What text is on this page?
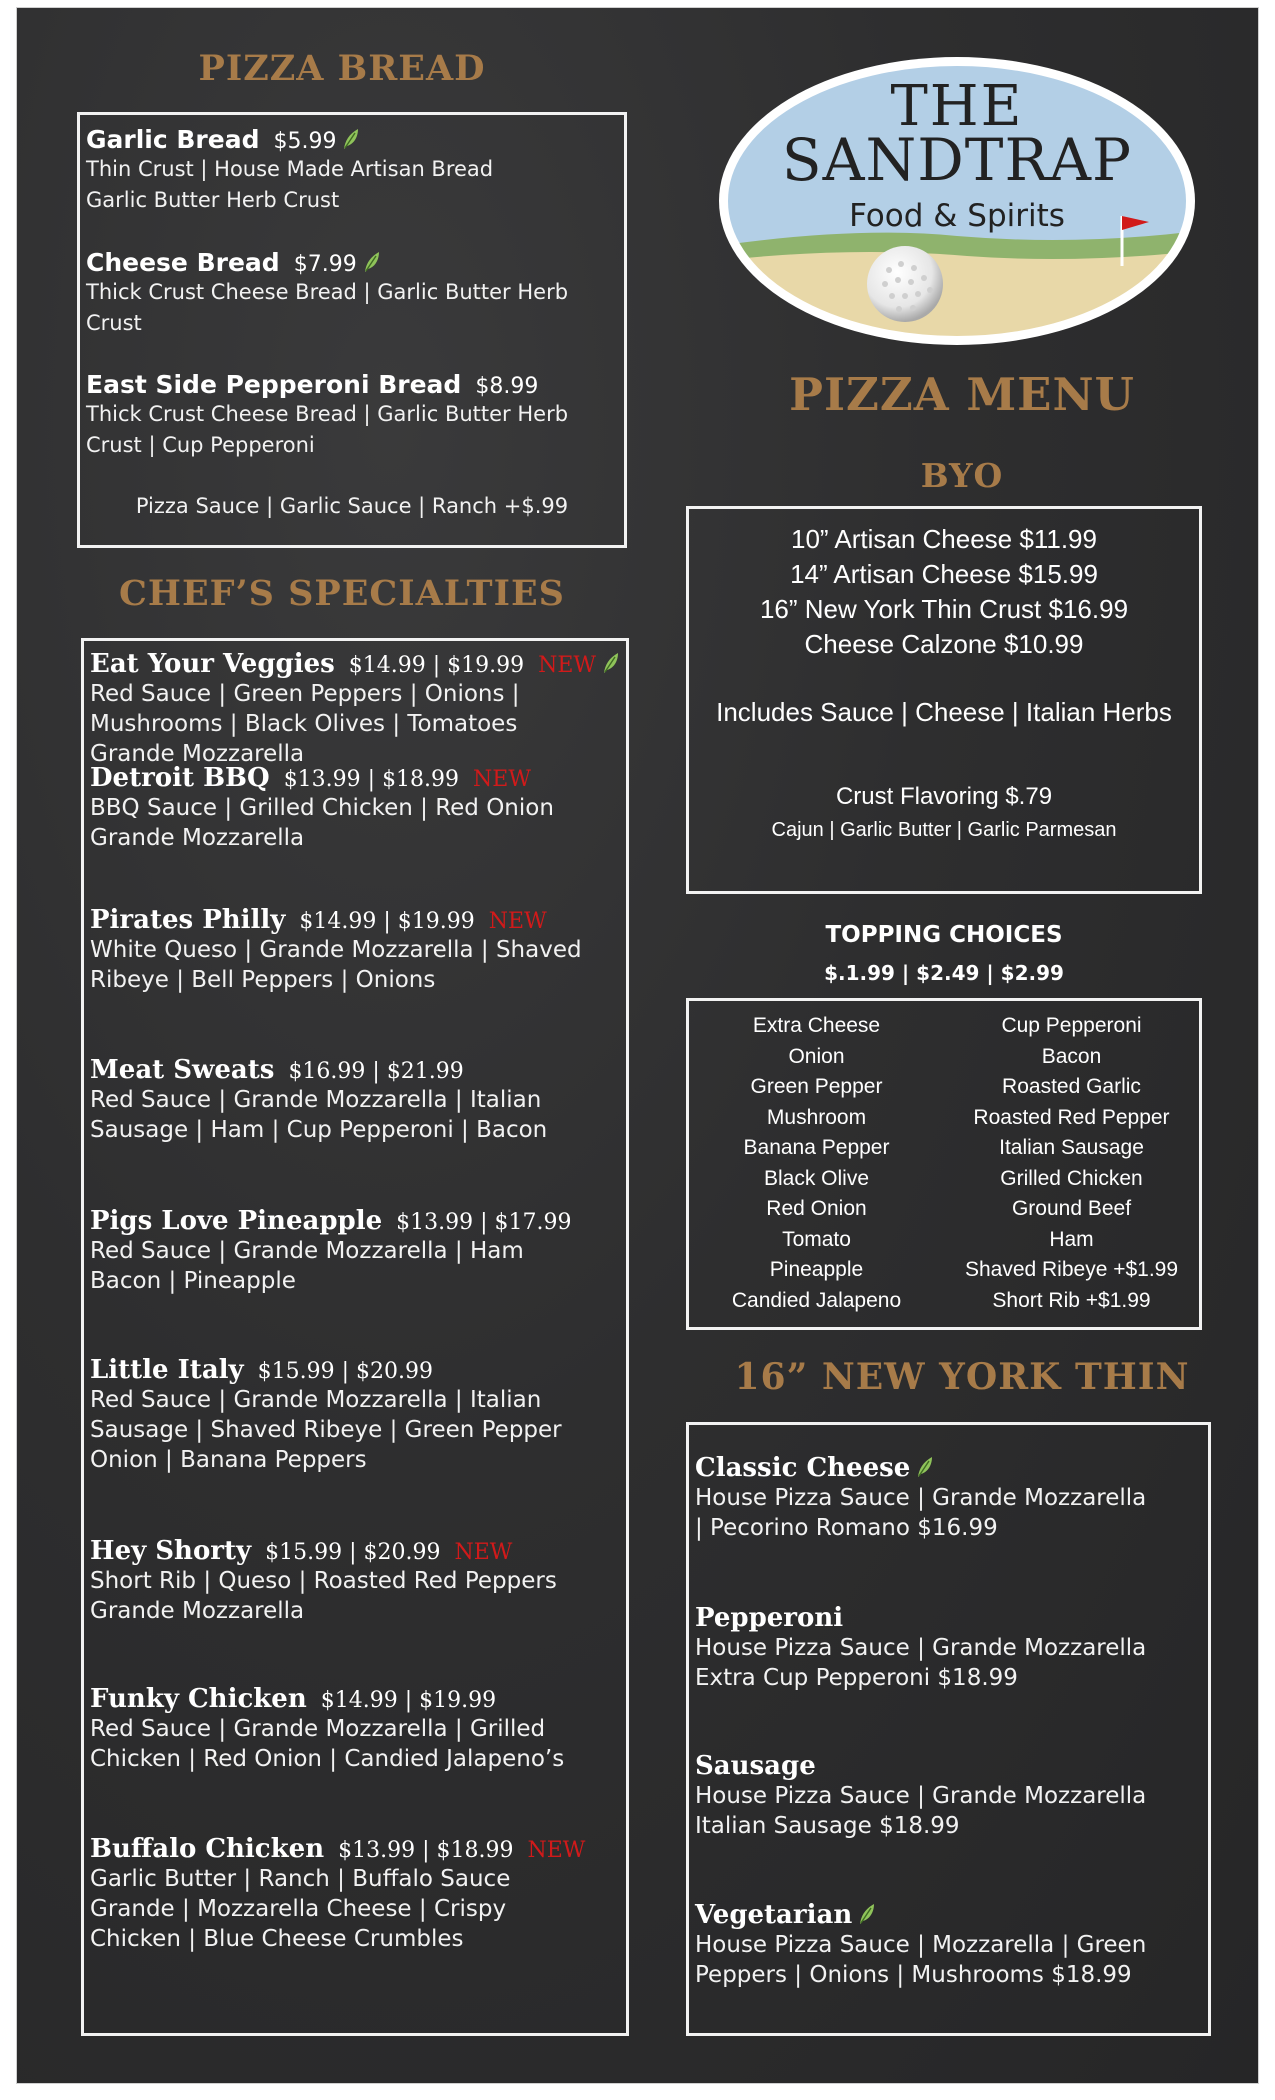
PIZZA BREAD
Garlic Bread $5.99
Thin Crust | House Made Artisan Bread
Garlic Butter Herb Crust
Cheese Bread $7.99
Thick Crust Cheese Bread | Garlic Butter Herb
Crust
East Side Pepperoni Bread $8.99
Thick Crust Cheese Bread | Garlic Butter Herb
Crust | Cup Pepperoni
Pizza Sauce | Garlic Sauce | Ranch +$.99
CHEF’S SPECIALTIES
Eat Your Veggies $14.99 | $19.99 NEW
Red Sauce | Green Peppers | Onions |
Mushrooms | Black Olives | Tomatoes
Grande Mozzarella
Detroit BBQ $13.99 | $18.99 NEW
BBQ Sauce | Grilled Chicken | Red Onion
Grande Mozzarella
Pirates Philly $14.99 | $19.99 NEW
White Queso | Grande Mozzarella | Shaved
Ribeye | Bell Peppers | Onions
Meat Sweats $16.99 | $21.99
Red Sauce | Grande Mozzarella | Italian
Sausage | Ham | Cup Pepperoni | Bacon
Pigs Love Pineapple $13.99 | $17.99
Red Sauce | Grande Mozzarella | Ham
Bacon | Pineapple
Little Italy $15.99 | $20.99
Red Sauce | Grande Mozzarella | Italian
Sausage | Shaved Ribeye | Green Pepper
Onion | Banana Peppers
Hey Shorty $15.99 | $20.99 NEW
Short Rib | Queso | Roasted Red Peppers
Grande Mozzarella
Funky Chicken $14.99 | $19.99
Red Sauce | Grande Mozzarella | Grilled
Chicken | Red Onion | Candied Jalapeno’s
Buffalo Chicken $13.99 | $18.99 NEW
Garlic Butter | Ranch | Buffalo Sauce
Grande | Mozzarella Cheese | Crispy
Chicken | Blue Cheese Crumbles
THE
SANDTRAP
Food & Spirits
PIZZA MENU
BYO
10” Artisan Cheese $11.99
14” Artisan Cheese $15.99
16” New York Thin Crust $16.99
Cheese Calzone $10.99
Includes Sauce | Cheese | Italian Herbs
Crust Flavoring $.79
Cajun | Garlic Butter | Garlic Parmesan
TOPPING CHOICES
$.1.99 | $2.49 | $2.99
Extra Cheese
Onion
Green Pepper
Mushroom
Banana Pepper
Black Olive
Red Onion
Tomato
Pineapple
Candied Jalapeno
Cup Pepperoni
Bacon
Roasted Garlic
Roasted Red Pepper
Italian Sausage
Grilled Chicken
Ground Beef
Ham
Shaved Ribeye +$1.99
Short Rib +$1.99
16” NEW YORK THIN
Classic Cheese
House Pizza Sauce | Grande Mozzarella
| Pecorino Romano $16.99
Pepperoni
House Pizza Sauce | Grande Mozzarella
Extra Cup Pepperoni $18.99
Sausage
House Pizza Sauce | Grande Mozzarella
Italian Sausage $18.99
Vegetarian
House Pizza Sauce | Mozzarella | Green
Peppers | Onions | Mushrooms $18.99
